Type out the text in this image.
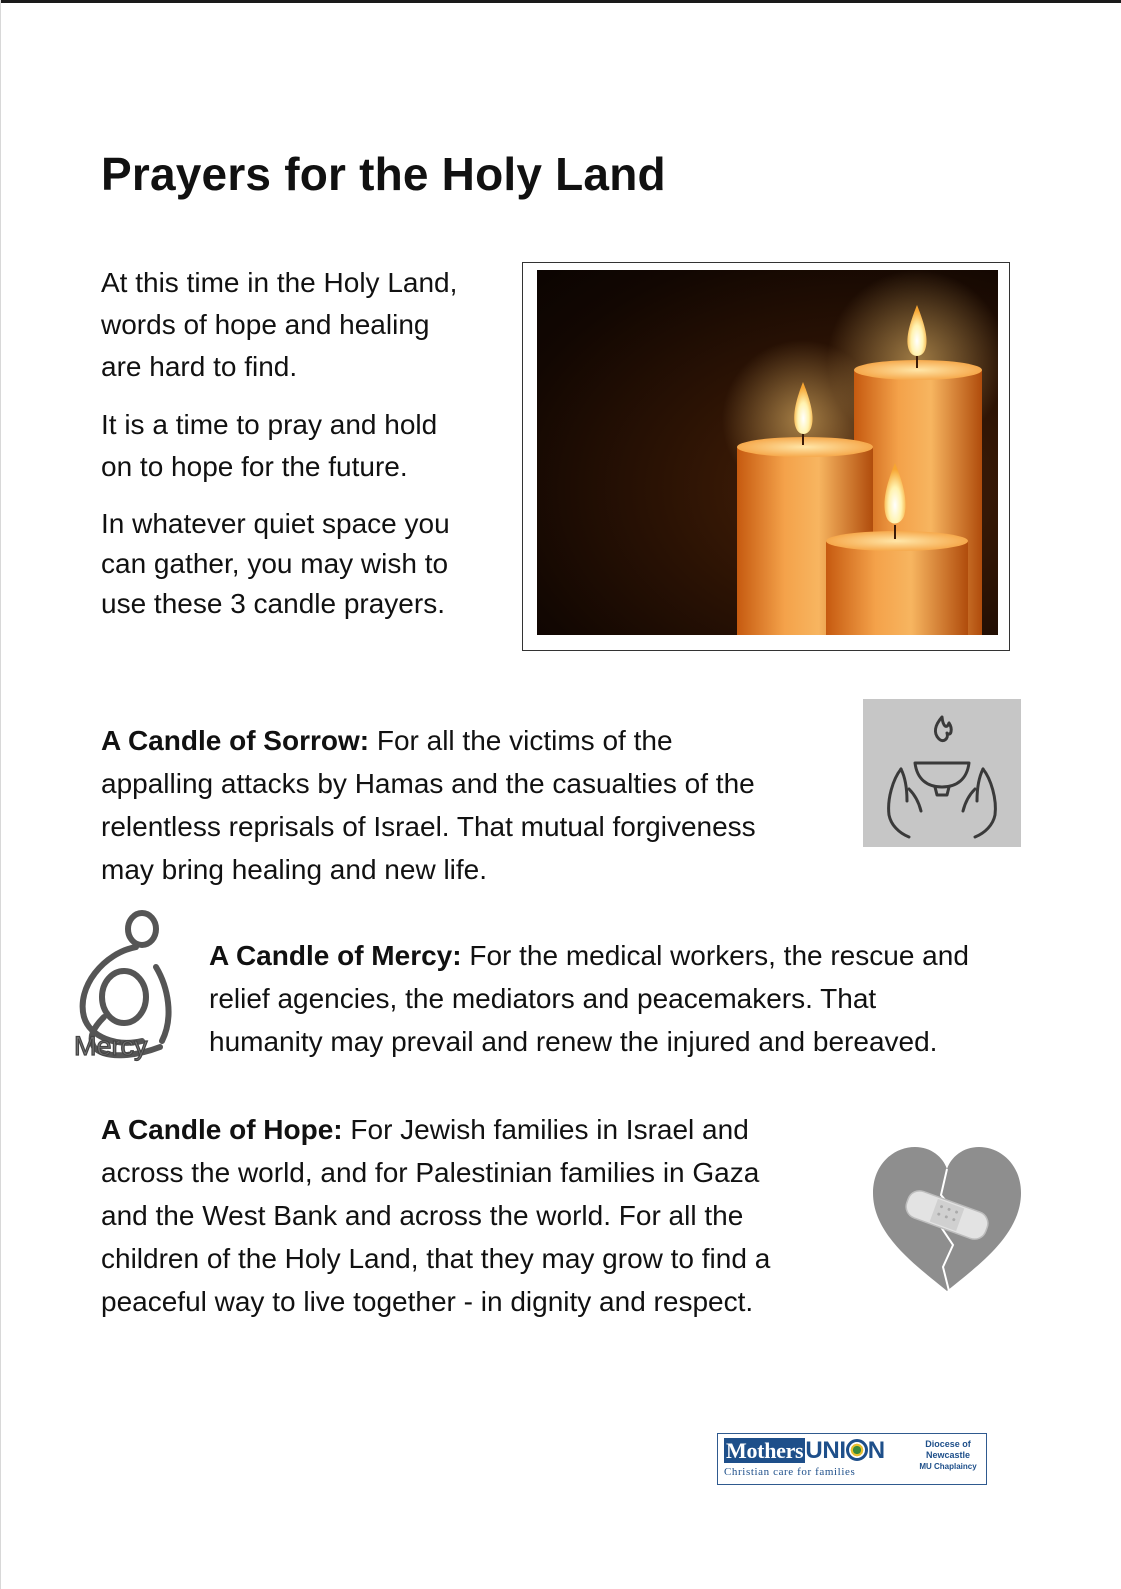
Prayers for the Holy Land

At this time in the Holy Land,
words of hope and healing
are hard to find.

It is a time to pray and hold
on to hope for the future.

In whatever quiet space you
can gather, you may wish to
use these 3 candle prayers.

A Candle of Sorrow: For all the victims of the
appalling attacks by Hamas and the casualties of the
relentless reprisals of Israel. That mutual forgiveness
may bring healing and new life.
Mercy
A Candle of Mercy: For the medical workers, the rescue and
relief agencies, the mediators and peacemakers. That
humanity may prevail and renew the injured and bereaved.
A Candle of Hope: For Jewish families in Israel and
across the world, and for Palestinian families in Gaza
and the West Bank and across the world. For all the
children of the Holy Land, that they may grow to find a
peaceful way to live together - in dignity and respect.
MothersUNI N
Christian care for families
Diocese of
Newcastle
MU Chaplaincy
